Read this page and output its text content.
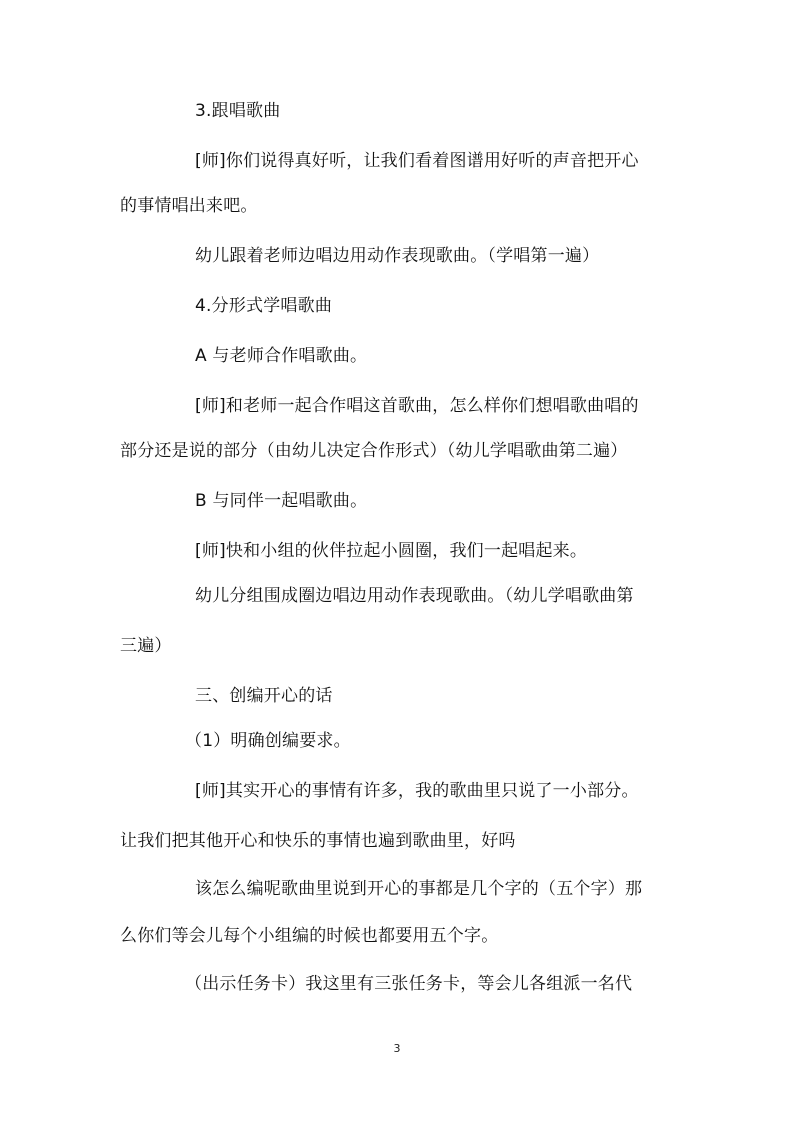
3.跟唱歌曲
[师]你们说得真好听，让我们看着图谱用好听的声音把开心
的事情唱出来吧。
幼儿跟着老师边唱边用动作表现歌曲。（学唱第一遍）
4.分形式学唱歌曲
A 与老师合作唱歌曲。
[师]和老师一起合作唱这首歌曲，怎么样你们想唱歌曲唱的
部分还是说的部分（由幼儿决定合作形式）（幼儿学唱歌曲第二遍）
B 与同伴一起唱歌曲。
[师]快和小组的伙伴拉起小圆圈，我们一起唱起来。
幼儿分组围成圈边唱边用动作表现歌曲。（幼儿学唱歌曲第
三遍）
三、创编开心的话
（1）明确创编要求。
[师]其实开心的事情有许多，我的歌曲里只说了一小部分。
让我们把其他开心和快乐的事情也遍到歌曲里，好吗
该怎么编呢歌曲里说到开心的事都是几个字的（五个字）那
么你们等会儿每个小组编的时候也都要用五个字。
（出示任务卡）我这里有三张任务卡，等会儿各组派一名代
3
